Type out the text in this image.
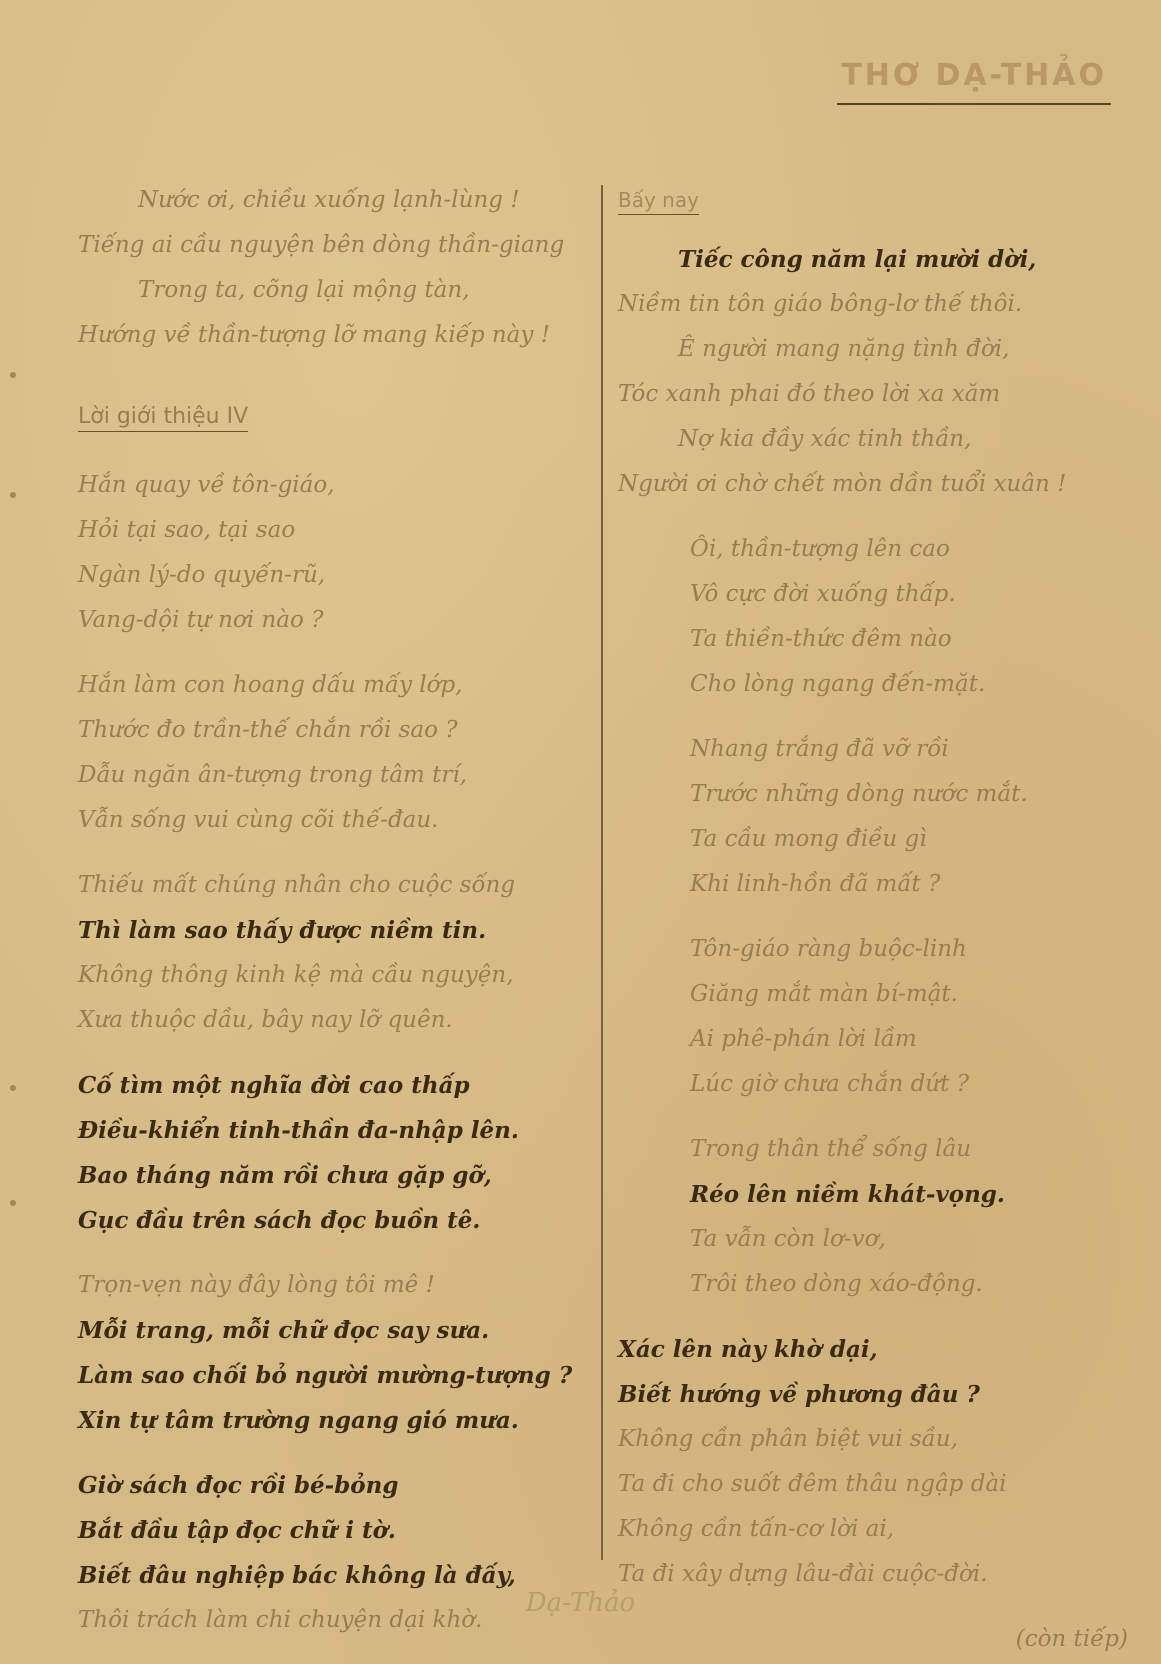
THƠ DẠ-THẢO
Nước ơi, chiều xuống lạnh-lùng !
Tiếng ai cầu nguyện bên dòng thần-giang
Trong ta, cõng lại mộng tàn,
Hướng về thần-tượng lỡ mang kiếp này !
Lời giới thiệu IV
Hắn quay về tôn-giáo,
Hỏi tại sao, tại sao
Ngàn lý-do quyến-rũ,
Vang-dội tự nơi nào ?
Hắn làm con hoang dấu mấy lớp,
Thước đo trần-thế chắn rồi sao ?
Dẫu ngăn ân-tượng trong tâm trí,
Vẫn sống vui cùng cõi thế-đau.
Thiếu mất chúng nhân cho cuộc sống
Thì làm sao thấy được niềm tin.
Không thông kinh kệ mà cầu nguyện,
Xưa thuộc dầu, bây nay lỡ quên.
Cố tìm một nghĩa đời cao thấp
Điều-khiển tinh-thần đa-nhập lên.
Bao tháng năm rồi chưa gặp gỡ,
Gục đầu trên sách đọc buồn tê.
Trọn-vẹn này đây lòng tôi mê !
Mỗi trang, mỗi chữ đọc say sưa.
Làm sao chối bỏ người mường-tượng ?
Xin tự tâm trường ngang gió mưa.
Giờ sách đọc rồi bé-bỏng
Bắt đầu tập đọc chữ i tờ.
Biết đâu nghiệp bác không là đấy,
Thôi trách làm chi chuyện dại khờ.
Bấy nay
Tiếc công năm lại mười dời,
Niềm tin tôn giáo bông-lơ thế thôi.
Ê người mang nặng tình đời,
Tóc xanh phai đó theo lời xa xăm
Nợ kia đầy xác tinh thần,
Người ơi chờ chết mòn dần tuổi xuân !
Ôi, thần-tượng lên cao
Vô cực đời xuống thấp.
Ta thiền-thức đêm nào
Cho lòng ngang đến-mặt.
Nhang trắng đã vỡ rồi
Trước những dòng nước mắt.
Ta cầu mong điều gì
Khi linh-hồn đã mất ?
Tôn-giáo ràng buộc-linh
Giăng mắt màn bí-mật.
Ai phê-phán lời lầm
Lúc giờ chưa chắn dứt ?
Trong thân thể sống lâu
Réo lên niềm khát-vọng.
Ta vẫn còn lơ-vơ,
Trôi theo dòng xáo-động.
Xác lên này khờ dại,
Biết hướng về phương đâu ?
Không cần phân biệt vui sầu,
Ta đi cho suốt đêm thâu ngập dài
Không cần tấn-cơ lời ai,
Ta đi xây dựng lâu-đài cuộc-đời.
(còn tiếp)
Dạ-Thảo
